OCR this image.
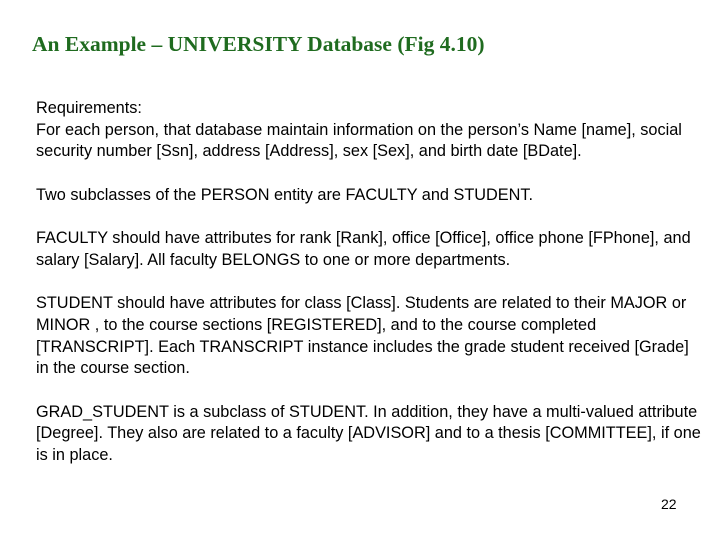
An Example – UNIVERSITY Database (Fig 4.10)

Requirements:
For each person, that database maintain information on the person’s Name [name], social security number [Ssn], address [Address], sex [Sex], and birth date [BDate].

Two subclasses of the PERSON entity are FACULTY and STUDENT.

FACULTY should have attributes for rank [Rank], office [Office], office phone [FPhone], and salary [Salary]. All faculty BELONGS to one or more departments.

STUDENT should have attributes for class [Class]. Students are related to their MAJOR or MINOR , to the course sections [REGISTERED], and to the course completed [TRANSCRIPT]. Each TRANSCRIPT instance includes the grade student received [Grade] in the course section.

GRAD_STUDENT is a subclass of STUDENT. In addition, they have a multi-valued attribute [Degree]. They also are related to a faculty [ADVISOR] and to a thesis [COMMITTEE], if one is in place.

22
